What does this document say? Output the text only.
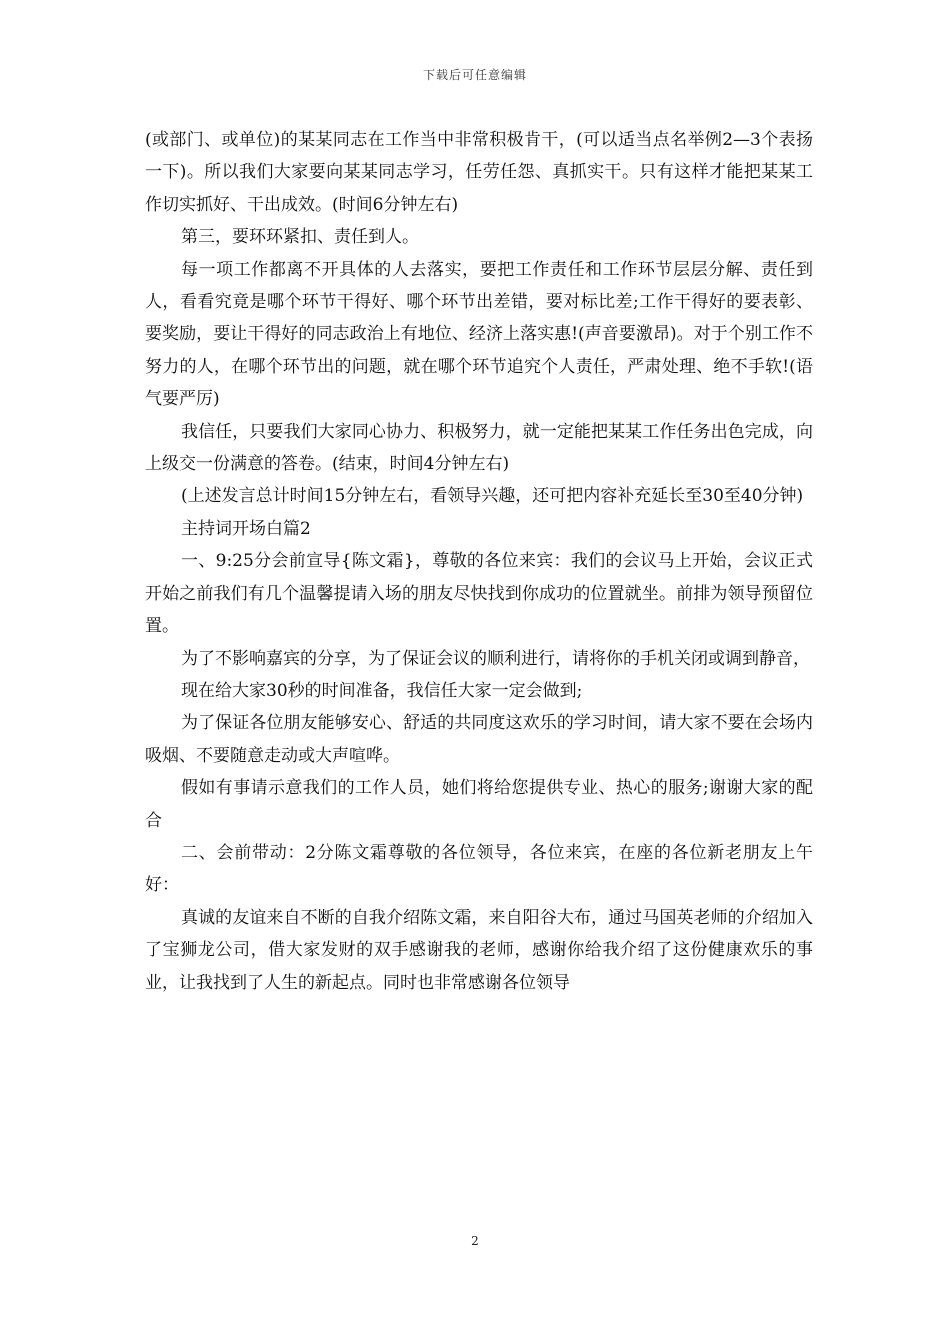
下载后可任意编辑

(或部门、或单位)的某某同志在工作当中非常积极肯干，(可以适当点名举例2—3个表扬一下)。所以我们大家要向某某同志学习，任劳任怨、真抓实干。只有这样才能把某某工作切实抓好、干出成效。(时间6分钟左右)

第三，要环环紧扣、责任到人。

每一项工作都离不开具体的人去落实，要把工作责任和工作环节层层分解、责任到人，看看究竟是哪个环节干得好、哪个环节出差错，要对标比差;工作干得好的要表彰、要奖励，要让干得好的同志政治上有地位、经济上落实惠!(声音要激昂)。对于个别工作不努力的人，在哪个环节出的问题，就在哪个环节追究个人责任，严肃处理、绝不手软!(语气要严厉)

我信任，只要我们大家同心协力、积极努力，就一定能把某某工作任务出色完成，向上级交一份满意的答卷。(结束，时间4分钟左右)

(上述发言总计时间15分钟左右，看领导兴趣，还可把内容补充延长至30至40分钟)

主持词开场白篇2

一、9:25分会前宣导{陈文霜}，尊敬的各位来宾：我们的会议马上开始，会议正式开始之前我们有几个温馨提请入场的朋友尽快找到你成功的位置就坐。前排为领导预留位置。

为了不影响嘉宾的分享，为了保证会议的顺利进行，请将你的手机关闭或调到静音，

现在给大家30秒的时间准备，我信任大家一定会做到;

为了保证各位朋友能够安心、舒适的共同度这欢乐的学习时间，请大家不要在会场内吸烟、不要随意走动或大声喧哗。

假如有事请示意我们的工作人员，她们将给您提供专业、热心的服务;谢谢大家的配合

二、会前带动：2分陈文霜尊敬的各位领导，各位来宾，在座的各位新老朋友上午好：

真诚的友谊来自不断的自我介绍陈文霜，来自阳谷大布，通过马国英老师的介绍加入了宝狮龙公司，借大家发财的双手感谢我的老师，感谢你给我介绍了这份健康欢乐的事业，让我找到了人生的新起点。同时也非常感谢各位领导

2
